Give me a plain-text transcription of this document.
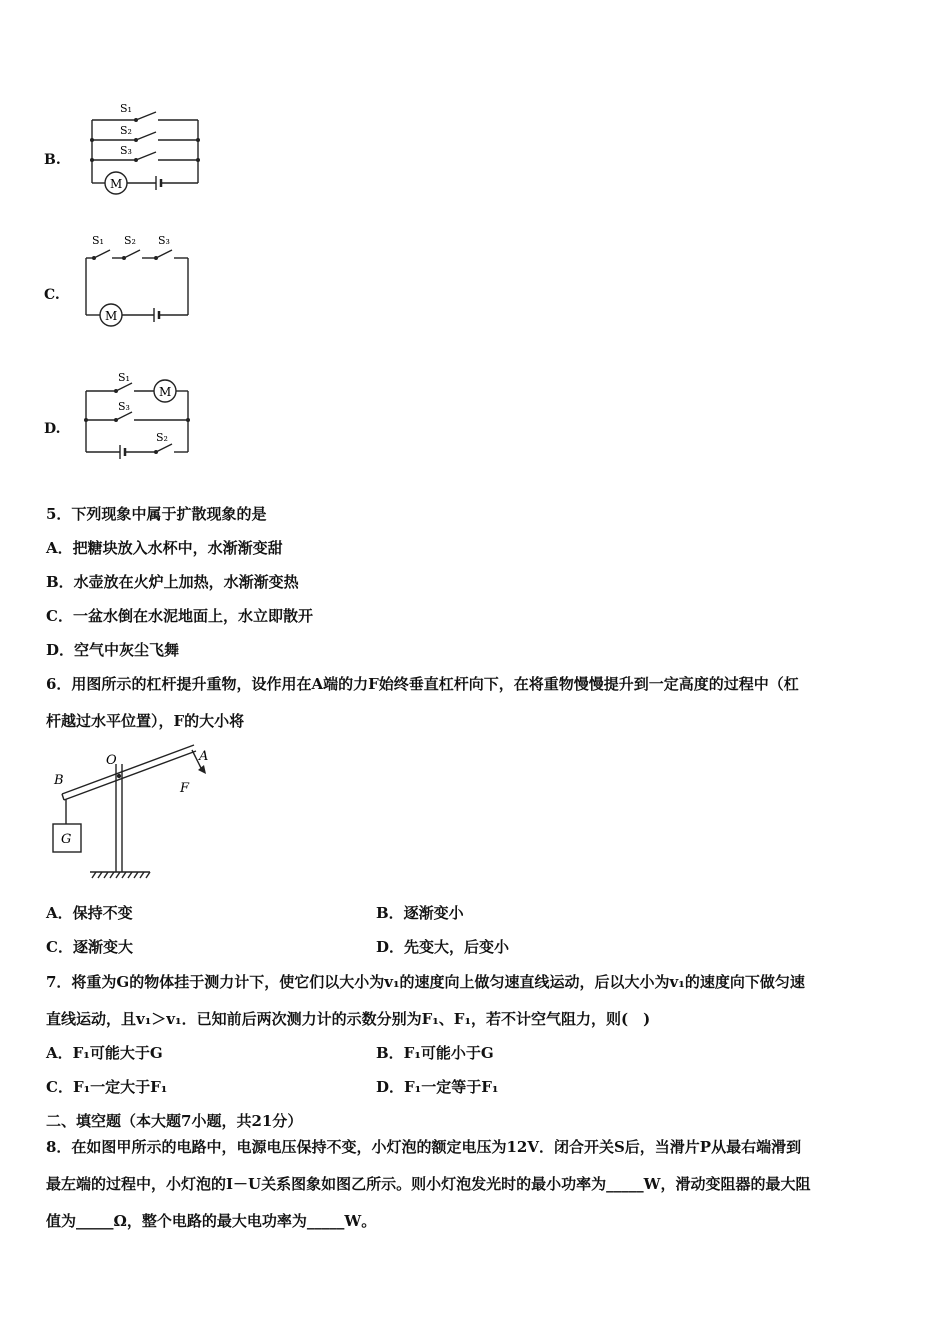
B.
M
S₁
S₂
S₃
C.
M
S₁ S₂ S₃
D.
M
S₁
S₃
S₂
5．下列现象中属于扩散现象的是
A．把糖块放入水杯中，水渐渐变甜
B．水壶放在火炉上加热，水渐渐变热
C．一盆水倒在水泥地面上，水立即散开
D．空气中灰尘飞舞
6．用图所示的杠杆提升重物，设作用在A端的力F始终垂直杠杆向下，在将重物慢慢提升到一定高度的过程中（杠
杆越过水平位置），F的大小将
O	A
B
F
G
A．保持不变	B．逐渐变小
C．逐渐变大	D．先变大，后变小
7．将重为G的物体挂于测力计下，使它们以大小为v₁的速度向上做匀速直线运动，后以大小为v₁的速度向下做匀速
直线运动，且v₁＞v₁．已知前后两次测力计的示数分别为F₁、F₁，若不计空气阻力，则(　)
A．F₁可能大于G	B．F₁可能小于G
C．F₁一定大于F₁	D．F₁一定等于F₁
二、填空题（本大题7小题，共21分）
8．在如图甲所示的电路中，电源电压保持不变，小灯泡的额定电压为12V．闭合开关S后，当滑片P从最右端滑到
最左端的过程中，小灯泡的I－U关系图象如图乙所示。则小灯泡发光时的最小功率为_____W，滑动变阻器的最大阻
值为_____Ω，整个电路的最大电功率为_____W。
